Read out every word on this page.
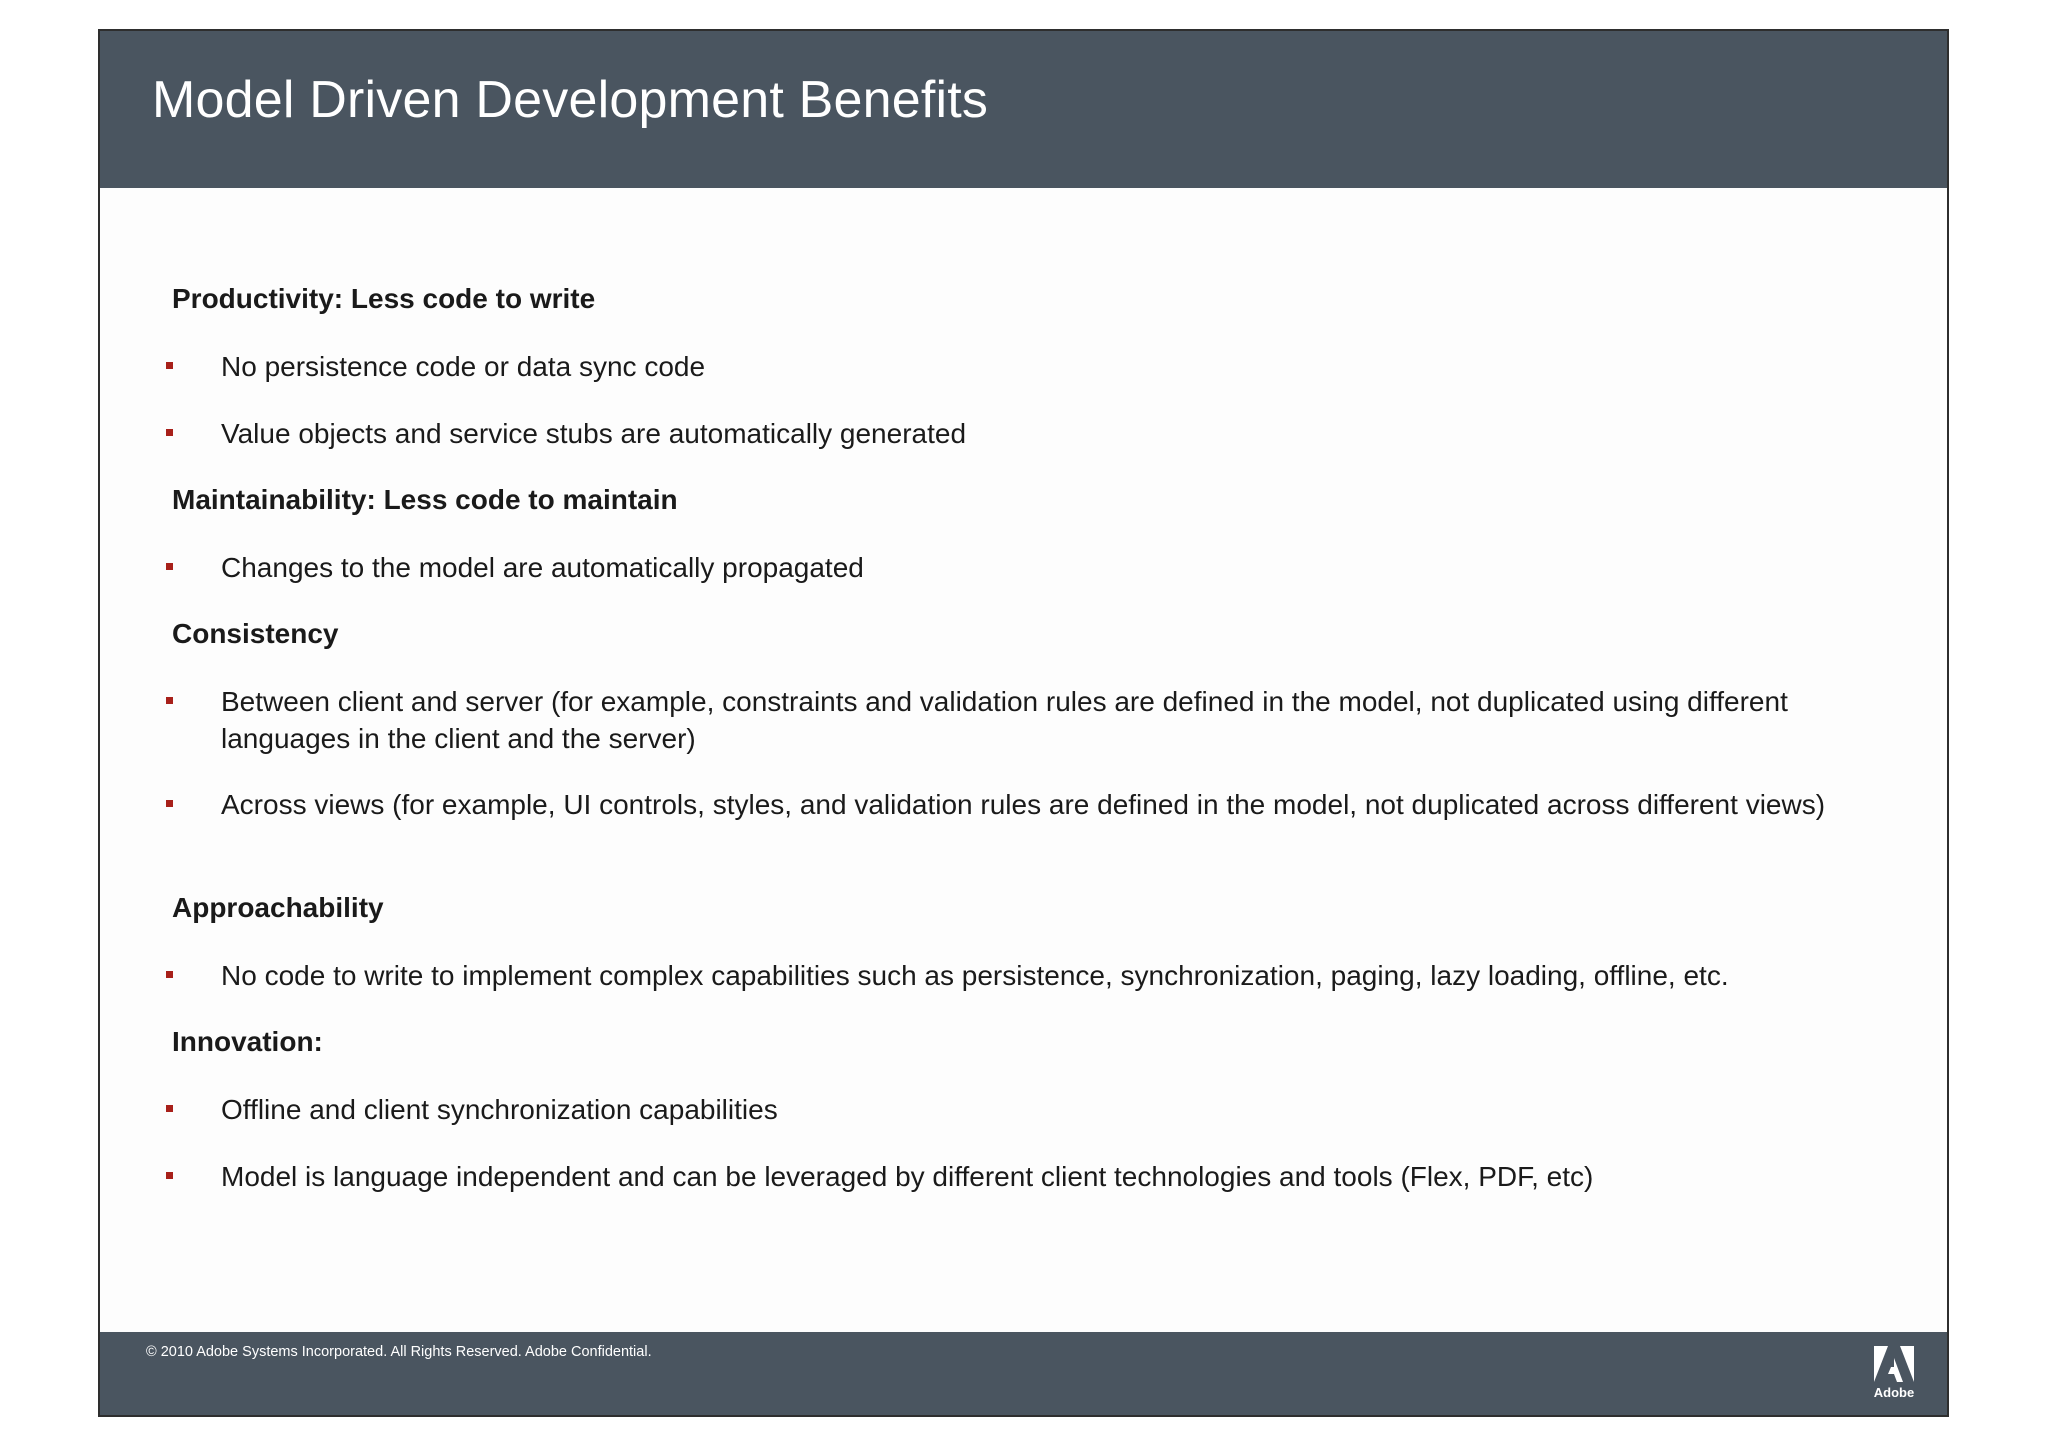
Model Driven Development Benefits
Productivity: Less code to write
No persistence code or data sync code
Value objects and service stubs are automatically generated
Maintainability: Less code to maintain
Changes to the model are automatically propagated
Consistency
Between client and server (for example, constraints and validation rules are defined in the model, not duplicated using different languages in the client and the server)
Across views (for example, UI controls, styles, and validation rules are defined in the model, not duplicated across different views)
Approachability
No code to write to implement complex capabilities such as persistence, synchronization, paging, lazy loading, offline, etc.
Innovation:
Offline and client synchronization capabilities
Model is language independent and can be leveraged by different client technologies and tools (Flex, PDF, etc)
© 2010 Adobe Systems Incorporated. All Rights Reserved. Adobe Confidential.
Adobe
